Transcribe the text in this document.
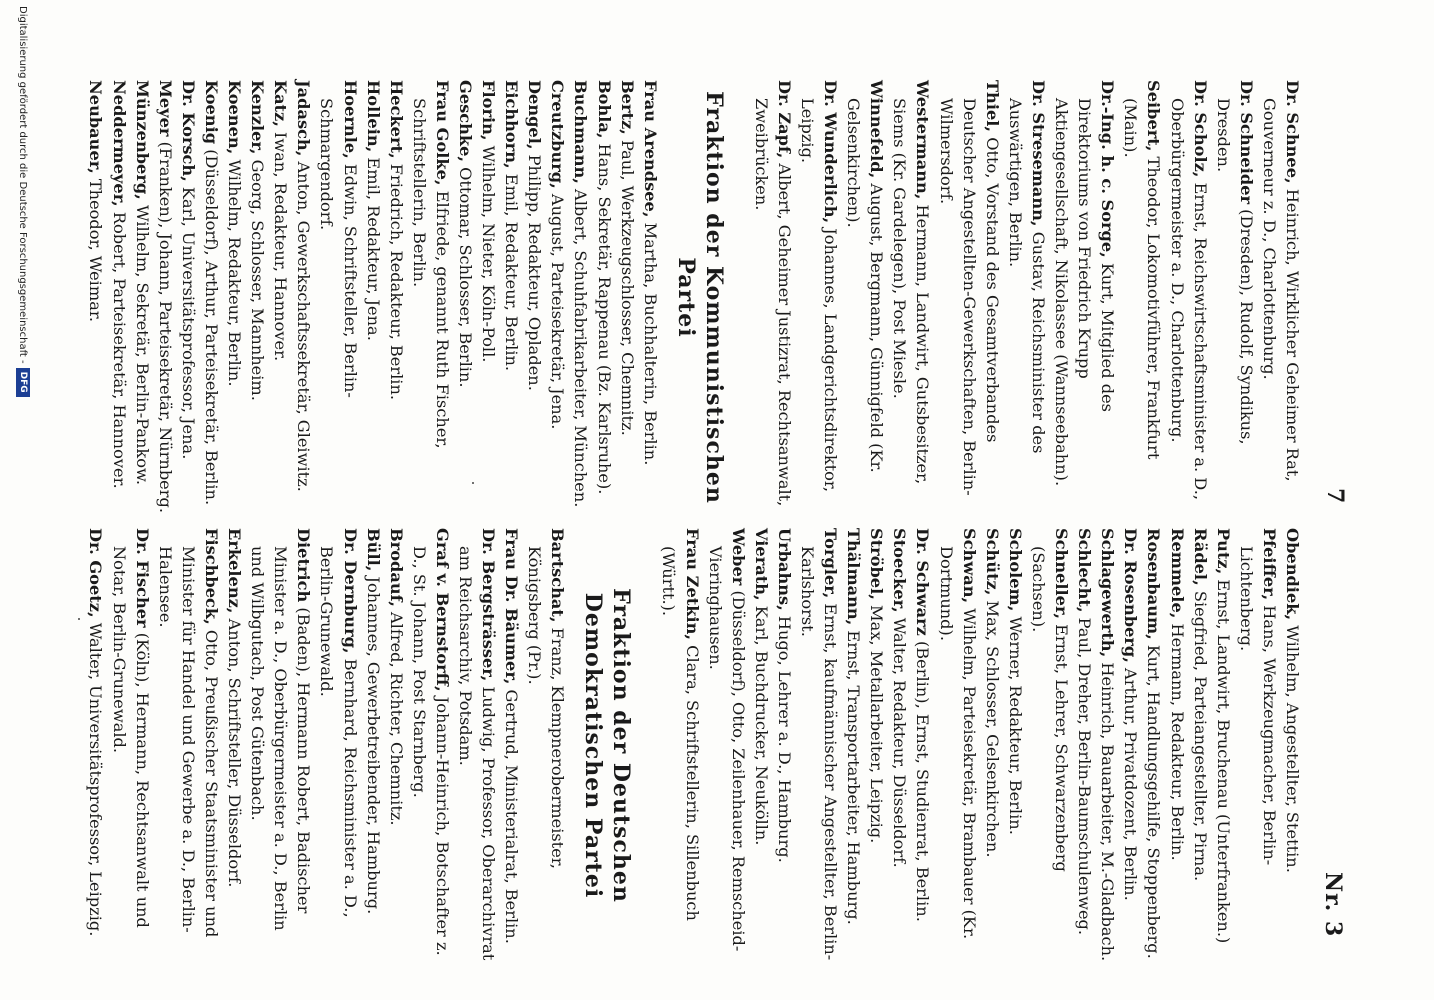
7
Nr. 3
Dr. Schnee, Heinrich, Wirklicher Geheimer Rat, Gouverneur z. D., Charlottenburg.
Dr. Schneider (Dresden), Rudolf, Syndikus, Dresden.
Dr. Scholz, Ernst, Reichswirtschaftsminister a. D., Oberbürgermeister a. D., Charlottenburg.
Seibert, Theodor, Lokomotivführer, Frankfurt (Main).
Dr.-Ing. h. c. Sorge, Kurt, Mitglied des Direktoriums von Friedrich Krupp Aktiengesellschaft, Nikolassee (Wannseebahn).
Dr. Stresemann, Gustav, Reichsminister des Auswärtigen, Berlin.
Thiel, Otto, Vorstand des Gesamtverbandes Deutscher Angestellten-Gewerkschaften, Berlin-Wilmersdorf.
Westermann, Hermann, Landwirt, Gutsbesitzer, Siems (Kr. Gardelegen), Post Miesle.
Winnefeld, August, Bergmann, Günnigfeld (Kr. Gelsenkirchen).
Dr. Wunderlich, Johannes, Landgerichtsdirektor, Leipzig.
Dr. Zapf, Albert, Geheimer Justizrat, Rechtsanwalt, Zweibrücken.
Fraktion der Kommunistischen Partei
Frau Arendsee, Martha, Buchhalterin, Berlin.
Bertz, Paul, Werkzeugschlosser, Chemnitz.
Bohla, Hans, Sekretär, Rappenau (Bz. Karlsruhe).
Buchmann, Albert, Schuhfabrikarbeiter, München.
Creutzburg, August, Parteisekretär, Jena.
Dengel, Philipp, Redakteur, Opladen.
Eichhorn, Emil, Redakteur, Berlin.
Florin, Wilhelm, Nieter, Köln-Poll.
Geschke, Ottomar, Schlosser, Berlin.
Frau Golke, Elfriede, genannt Ruth Fischer, Schriftstellerin, Berlin.
Heckert, Friedrich, Redakteur, Berlin.
Hollein, Emil, Redakteur, Jena.
Hoernle, Edwin, Schriftsteller, Berlin-Schmargendorf.
Jadasch, Anton, Gewerkschaftssekretär, Gleiwitz.
Katz, Iwan, Redakteur, Hannover.
Kenzler, Georg, Schlosser, Mannheim.
Koenen, Wilhelm, Redakteur, Berlin.
Koenig (Düsseldorf), Arthur, Parteisekretär, Berlin.
Dr. Korsch, Karl, Universitätsprofessor, Jena.
Meyer (Franken), Johann, Parteisekretär, Nürnberg.
Münzenberg, Wilhelm, Sekretär, Berlin-Pankow.
Neddermeyer, Robert, Parteisekretär, Hannover.
Neubauer, Theodor, Weimar.
Obendiek, Wilhelm, Angestellter, Stettin.
Pfeiffer, Hans, Werkzeugmacher, Berlin-Lichtenberg.
Putz, Ernst, Landwirt, Bruchenau (Unterfranken.)
Rädel, Siegfried, Parteiangestellter, Pirna.
Remmele, Hermann, Redakteur, Berlin.
Rosenbaum, Kurt, Handlungsgehilfe, Stoppenberg.
Dr. Rosenberg, Arthur, Privatdozent, Berlin.
Schlagewerth, Heinrich, Bauarbeiter, M.-Gladbach.
Schlecht, Paul, Dreher, Berlin-Baumschulenweg.
Schneller, Ernst, Lehrer, Schwarzenberg (Sachsen).
Scholem, Werner, Redakteur, Berlin.
Schütz, Max, Schlosser, Gelsenkirchen.
Schwan, Wilhelm, Parteisekretär, Brambauer (Kr. Dortmund).
Dr. Schwarz (Berlin), Ernst, Studienrat, Berlin.
Stoecker, Walter, Redakteur, Düsseldorf.
Ströbel, Max, Metallarbeiter, Leipzig.
Thälmann, Ernst, Transportarbeiter, Hamburg.
Torgler, Ernst, kaufmännischer Angestellter, Berlin-Karlshorst.
Urbahns, Hugo, Lehrer a. D., Hamburg.
Vierath, Karl, Buchdrucker, Neukölln.
Weber (Düsseldorf), Otto, Zeilenhauer, Remscheid-Vieringhausen.
Frau Zetkin, Clara, Schriftstellerin, Sillenbuch (Württ.).
Fraktion der Deutschen Demokratischen Partei
Bartschat, Franz, Klempnerobermeister, Königsberg (Pr.).
Frau Dr. Bäumer, Gertrud, Ministerialrat, Berlin.
Dr. Bergsträsser, Ludwig, Professor, Oberarchivrat am Reichsarchiv, Potsdam.
Graf v. Bernstorff, Johann-Heinrich, Botschafter z. D., St. Johann, Post Starnberg.
Brodauf, Alfred, Richter, Chemnitz.
Büll, Johannes, Gewerbetreibender, Hamburg.
Dr. Dernburg, Bernhard, Reichsminister a. D., Berlin-Grunewald.
Dietrich (Baden), Hermann Robert, Badischer Minister a. D., Oberbürgermeister a. D., Berlin und Wilbgutach, Post Gütenbach.
Erkelenz, Anton, Schriftsteller, Düsseldorf.
Fischbeck, Otto, Preußischer Staatsminister und Minister für Handel und Gewerbe a. D., Berlin-Halensee.
Dr. Fischer (Köln), Hermann, Rechtsanwalt und Notar, Berlin-Grunewald.
Dr. Goetz, Walter, Universitätsprofessor, Leipzig.
Digitalisierung gefördert durch die Deutsche Forschungsgemeinschaft -DFG
